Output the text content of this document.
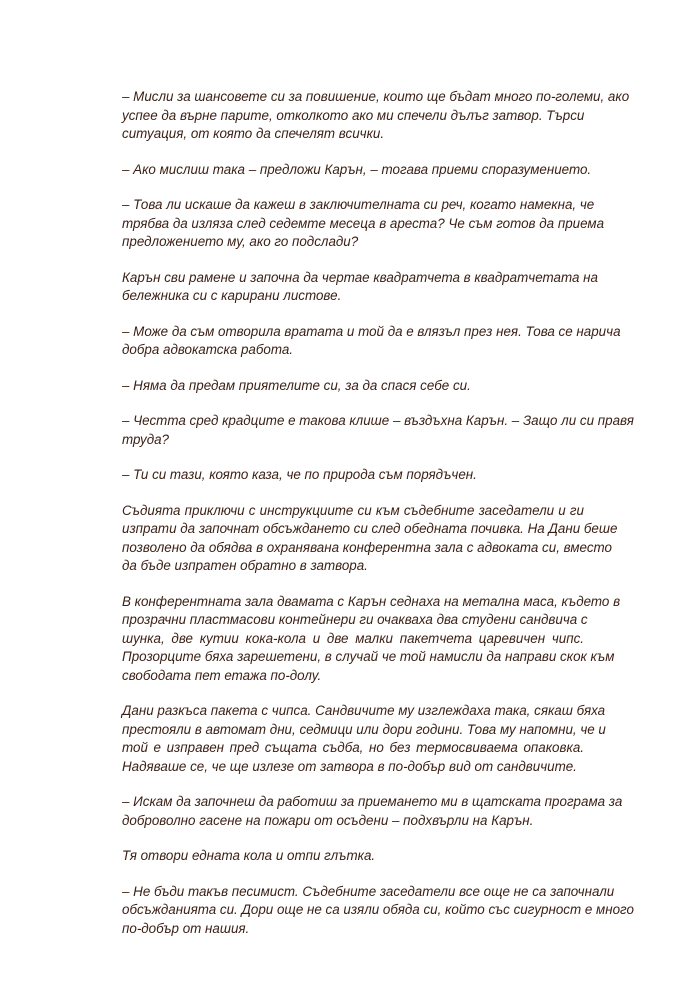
– Мисли за шансовете си за повишение, които ще бъдат много по-големи, ако
успее да върне парите, отколкото ако ми спечели дълъг затвор. Търси
ситуация, от която да спечелят всички.

– Ако мислиш така – предложи Карън, – тогава приеми споразумението.

– Това ли искаше да кажеш в заключителната си реч, когато намекна, че
трябва да изляза след седемте месеца в ареста? Че съм готов да приема
предложението му, ако го подслади?

Карън сви рамене и започна да чертае квадратчета в квадратчетата на
бележника си с карирани листове.

– Може да съм отворила вратата и той да е влязъл през нея. Това се нарича
добра адвокатска работа.

– Няма да предам приятелите си, за да спася себе си.

– Честта сред крадците е такова клише – въздъхна Карън. – Защо ли си правя
труда?

– Ти си тази, която каза, че по природа съм порядъчен.

Съдията приключи с инструкциите си към съдебните заседатели и ги
изпрати да започнат обсъждането си след обедната почивка. На Дани беше
позволено да обядва в охранявана конферентна зала с адвоката си, вместо
да бъде изпратен обратно в затвора.

В конферентната зала двамата с Карън седнаха на метална маса, където в
прозрачни пластмасови контейнери ги очакваха два студени сандвича с
шунка, две кутии кока-кола и две малки пакетчета царевичен чипс.
Прозорците бяха зарешетени, в случай че той намисли да направи скок към
свободата пет етажа по-долу.

Дани разкъса пакета с чипса. Сандвичите му изглеждаха така, сякаш бяха
престояли в автомат дни, седмици или дори години. Това му напомни, че и
той е изправен пред същата съдба, но без термосвиваема опаковка.
Надяваше се, че ще излезе от затвора в по-добър вид от сандвичите.

– Искам да започнеш да работиш за приемането ми в щатската програма за
доброволно гасене на пожари от осъдени – подхвърли на Карън.

Тя отвори едната кола и отпи глътка.

– Не бъди такъв песимист. Съдебните заседатели все още не са започнали
обсъжданията си. Дори още не са изяли обяда си, който със сигурност е много
по-добър от нашия.
